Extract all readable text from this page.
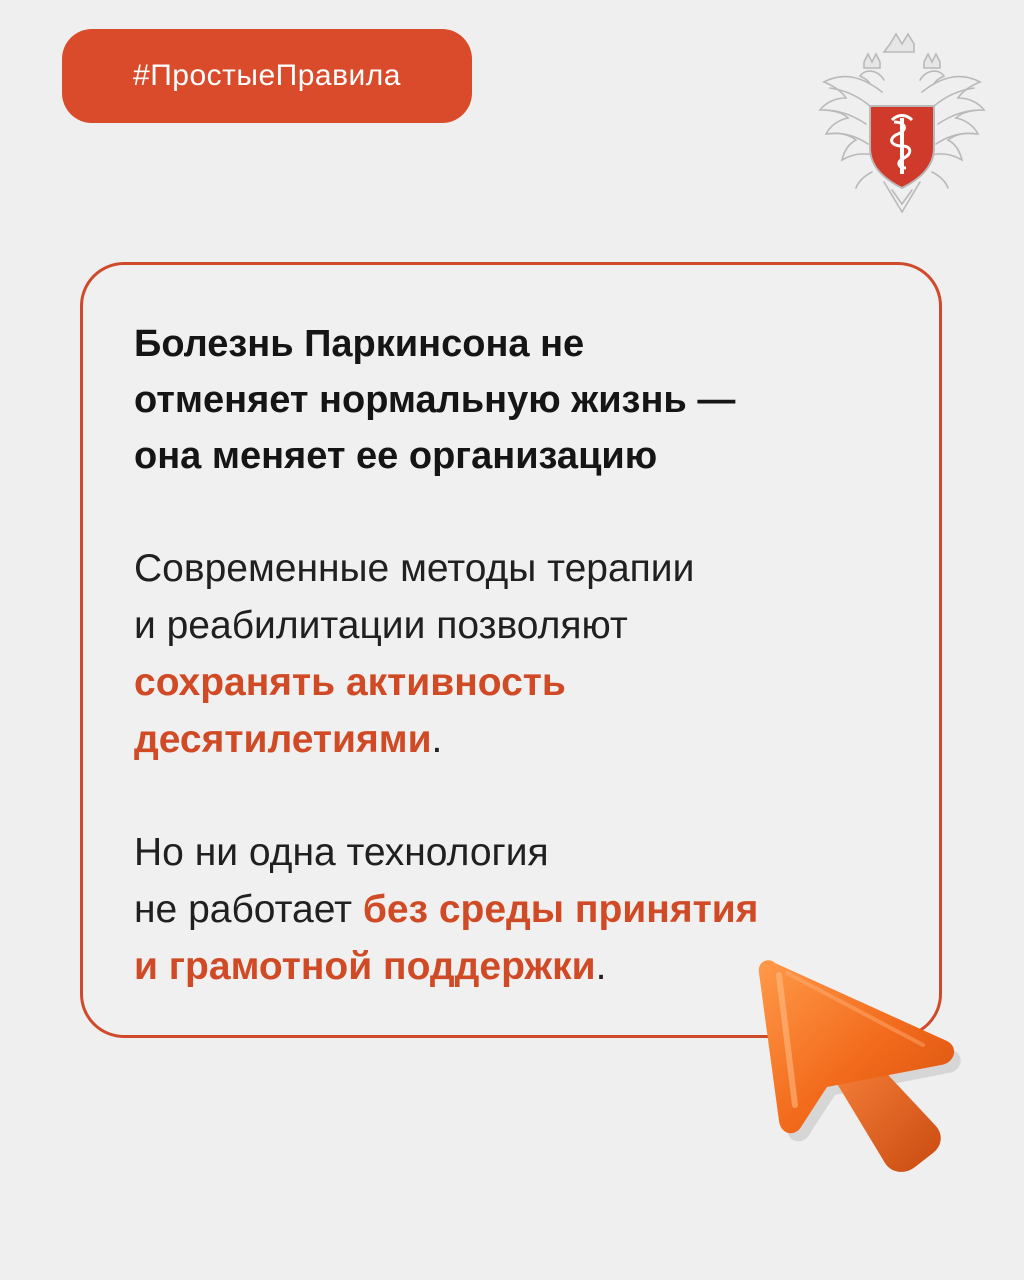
#ПростыеПравила
Болезнь Паркинсона не
отменяет нормальную жизнь —
она меняет ее организацию

Современные методы терапии
и реабилитации позволяют
сохранять активность
десятилетиями.

Но ни одна технология
не работает без среды принятия
и грамотной поддержки.
